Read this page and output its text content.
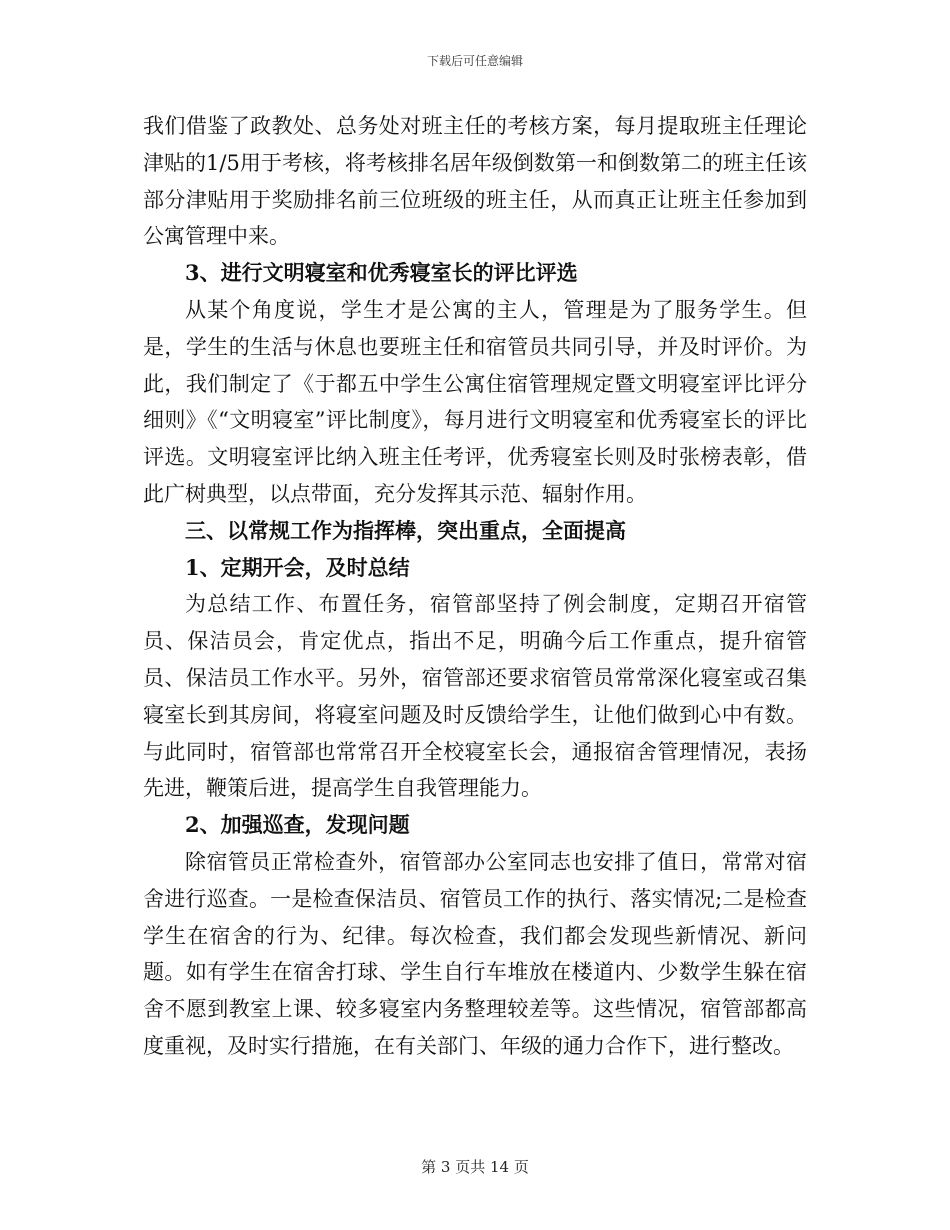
下载后可任意编辑

我们借鉴了政教处、总务处对班主任的考核方案，每月提取班主任理论津贴的1/5用于考核，将考核排名居年级倒数第一和倒数第二的班主任该部分津贴用于奖励排名前三位班级的班主任，从而真正让班主任参加到公寓管理中来。

3、进行文明寝室和优秀寝室长的评比评选

从某个角度说，学生才是公寓的主人，管理是为了服务学生。但是，学生的生活与休息也要班主任和宿管员共同引导，并及时评价。为此，我们制定了《于都五中学生公寓住宿管理规定暨文明寝室评比评分细则》《“文明寝室”评比制度》，每月进行文明寝室和优秀寝室长的评比评选。文明寝室评比纳入班主任考评，优秀寝室长则及时张榜表彰，借此广树典型，以点带面，充分发挥其示范、辐射作用。

三、以常规工作为指挥棒，突出重点，全面提高

1、定期开会，及时总结

为总结工作、布置任务，宿管部坚持了例会制度，定期召开宿管员、保洁员会，肯定优点，指出不足，明确今后工作重点，提升宿管员、保洁员工作水平。另外，宿管部还要求宿管员常常深化寝室或召集寝室长到其房间，将寝室问题及时反馈给学生，让他们做到心中有数。与此同时，宿管部也常常召开全校寝室长会，通报宿舍管理情况，表扬先进，鞭策后进，提高学生自我管理能力。

2、加强巡查，发现问题

除宿管员正常检查外，宿管部办公室同志也安排了值日，常常对宿舍进行巡查。一是检查保洁员、宿管员工作的执行、落实情况;二是检查学生在宿舍的行为、纪律。每次检查，我们都会发现些新情况、新问题。如有学生在宿舍打球、学生自行车堆放在楼道内、少数学生躲在宿舍不愿到教室上课、较多寝室内务整理较差等。这些情况，宿管部都高度重视，及时实行措施，在有关部门、年级的通力合作下，进行整改。

第 3 页共 14 页
